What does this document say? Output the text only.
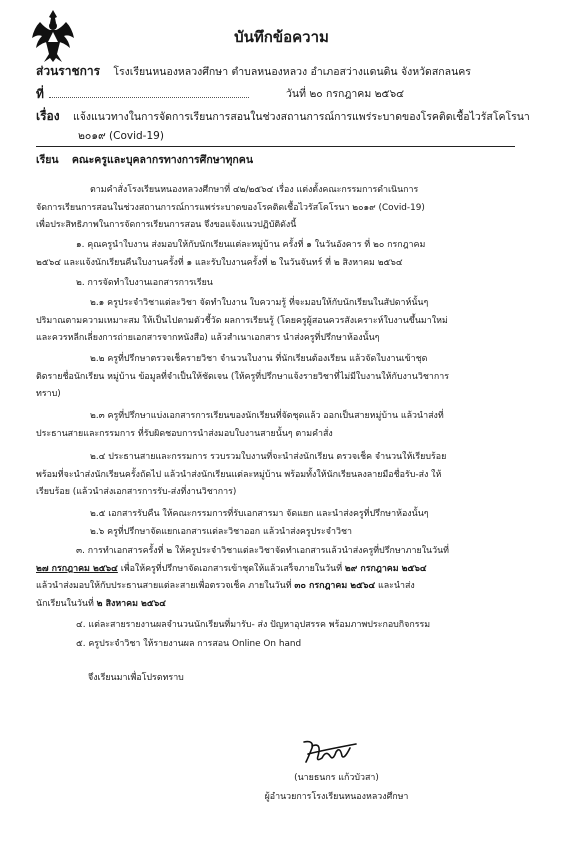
บันทึกข้อความ
ส่วนราชการ โรงเรียนหนองหลวงศึกษา ตำบลหนองหลวง อำเภอสว่างแดนดิน จังหวัดสกลนคร
ที่	วันที่ ๒๐ กรกฎาคม ๒๕๖๔
เรื่อง แจ้งแนวทางในการจัดการเรียนการสอนในช่วงสถานการณ์การแพร่ระบาดของโรคติดเชื้อไวรัสโคโรนา
๒๐๑๙ (Covid-19)
เรียน คณะครูและบุคลากรทางการศึกษาทุกคน

ตามคำสั่งโรงเรียนหนองหลวงศึกษาที่ ๔๒/๒๕๖๔ เรื่อง แต่งตั้งคณะกรรมการดำเนินการ

จัดการเรียนการสอนในช่วงสถานการณ์การแพร่ระบาดของโรคติดเชื้อไวรัสโคโรนา ๒๐๑๙ (Covid-19)

เพื่อประสิทธิภาพในการจัดการเรียนการสอน จึงขอแจ้งแนวปฏิบัติดังนี้

๑. คุณครูนำใบงาน ส่งมอบให้กับนักเรียนแต่ละหมู่บ้าน ครั้งที่ ๑ ในวันอังคาร ที่ ๒๐ กรกฎาคม

๒๕๖๔ และแจ้งนักเรียนคืนใบงานครั้งที่ ๑ และรับใบงานครั้งที่ ๒ ในวันจันทร์ ที่ ๒ สิงหาคม ๒๕๖๔

๒. การจัดทำใบงานเอกสารการเรียน

๒.๑ ครูประจำวิชาแต่ละวิชา จัดทำใบงาน ใบความรู้ ที่จะมอบให้กับนักเรียนในสัปดาห์นั้นๆ

ปริมาณตามความเหมาะสม ให้เป็นไปตามตัวชี้วัด ผลการเรียนรู้ (โดยครูผู้สอนควรสังเคราะห์ใบงานขึ้นมาใหม่

และควรหลีกเลี่ยงการถ่ายเอกสารจากหนังสือ) แล้วสำเนาเอกสาร นำส่งครูที่ปรึกษาห้องนั้นๆ

๒.๒ ครูที่ปรึกษาตรวจเช็ครายวิชา จำนวนใบงาน ที่นักเรียนต้องเรียน แล้วจัดใบงานเข้าชุด

ติดรายชื่อนักเรียน หมู่บ้าน ข้อมูลที่จำเป็นให้ชัดเจน (ให้ครูที่ปรึกษาแจ้งรายวิชาที่ไม่มีใบงานให้กับงานวิชาการ

ทราบ)

๒.๓ ครูที่ปรึกษาแบ่งเอกสารการเรียนของนักเรียนที่จัดชุดแล้ว ออกเป็นสายหมู่บ้าน แล้วนำส่งที่

ประธานสายและกรรมการ ที่รับผิดชอบการนำส่งมอบใบงานสายนั้นๆ ตามคำสั่ง

๒.๔ ประธานสายและกรรมการ รวบรวมใบงานที่จะนำส่งนักเรียน ตรวจเช็ค จำนวนให้เรียบร้อย

พร้อมที่จะนำส่งนักเรียนครั้งถัดไป แล้วนำส่งนักเรียนแต่ละหมู่บ้าน พร้อมทั้งให้นักเรียนลงลายมือชื่อรับ-ส่ง ให้

เรียบร้อย (แล้วนำส่งเอกสารการรับ-ส่งที่งานวิชาการ)

๒.๕ เอกสารรับคืน ให้คณะกรรมการที่รับเอกสารมา จัดแยก และนำส่งครูที่ปรึกษาห้องนั้นๆ

๒.๖ ครูที่ปรึกษาจัดแยกเอกสารแต่ละวิชาออก แล้วนำส่งครูประจำวิชา

๓. การทำเอกสารครั้งที่ ๒ ให้ครูประจำวิชาแต่ละวิชาจัดทำเอกสารแล้วนำส่งครูที่ปรึกษาภายในวันที่

๒๗ กรกฎาคม ๒๕๖๔ เพื่อให้ครูที่ปรึกษาจัดเอกสารเข้าชุดให้แล้วเสร็จภายในวันที่ ๒๙ กรกฎาคม ๒๕๖๔

แล้วนำส่งมอบให้กับประธานสายแต่ละสายเพื่อตรวจเช็ค ภายในวันที่ ๓๐ กรกฎาคม ๒๕๖๔ และนำส่ง

นักเรียนในวันที่ ๒ สิงหาคม ๒๕๖๔

๔. แต่ละสายรายงานผลจำนวนนักเรียนที่มารับ- ส่ง ปัญหาอุปสรรค พร้อมภาพประกอบกิจกรรม

๕. ครูประจำวิชา ให้รายงานผล การสอน Online On hand

จึงเรียนมาเพื่อโปรดทราบ

(นายธนกร แก้วบัวสา)
ผู้อำนวยการโรงเรียนหนองหลวงศึกษา
